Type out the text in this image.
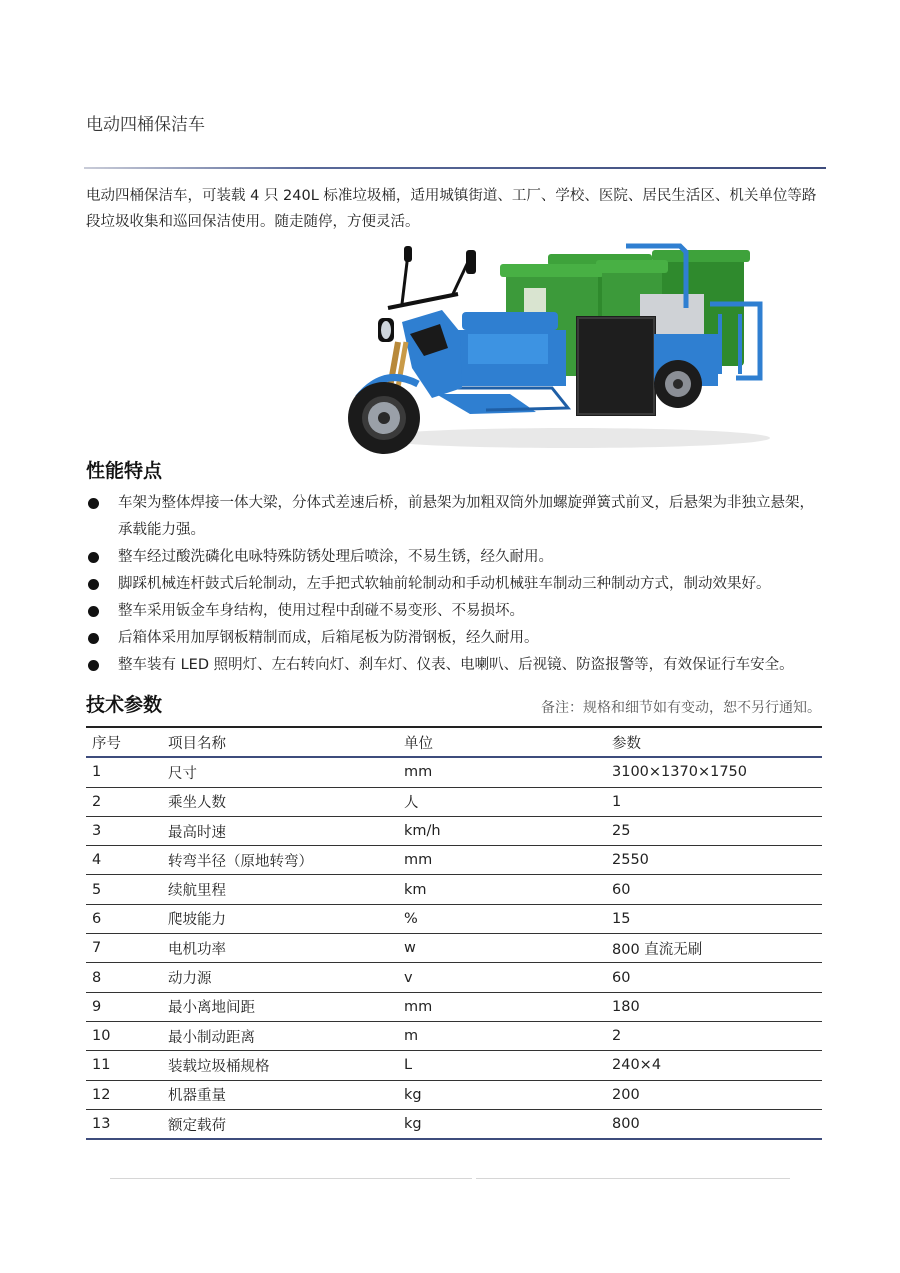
电动四桶保洁车
电动四桶保洁车，可装载 4 只 240L 标准垃圾桶，适用城镇街道、工厂、学校、医院、居民生活区、机关单位等路段垃圾收集和巡回保洁使用。随走随停，方便灵活。
性能特点
车架为整体焊接一体大梁，分体式差速后桥，前悬架为加粗双筒外加螺旋弹簧式前叉，后悬架为非独立悬架，承载能力强。
整车经过酸洗磷化电咏特殊防锈处理后喷涂，不易生锈，经久耐用。
脚踩机械连杆鼓式后轮制动，左手把式软轴前轮制动和手动机械驻车制动三种制动方式，制动效果好。
整车采用钣金车身结构，使用过程中刮碰不易变形、不易损坏。
后箱体采用加厚钢板精制而成，后箱尾板为防滑钢板，经久耐用。
整车装有 LED 照明灯、左右转向灯、刹车灯、仪表、电喇叭、后视镜、防盗报警等，有效保证行车安全。
技术参数	备注：规格和细节如有变动，恕不另行通知。
序号	项目名称	单位	参数
1	尺寸	mm	3100×1370×1750
2	乘坐人数	人	1
3	最高时速	km/h	25
4	转弯半径（原地转弯）	mm	2550
5	续航里程	km	60
6	爬坡能力	%	15
7	电机功率	w	800 直流无刷
8	动力源	v	60
9	最小离地间距	mm	180
10	最小制动距离	m	2
11	装载垃圾桶规格	L	240×4
12	机器重量	kg	200
13	额定载荷	kg	800
